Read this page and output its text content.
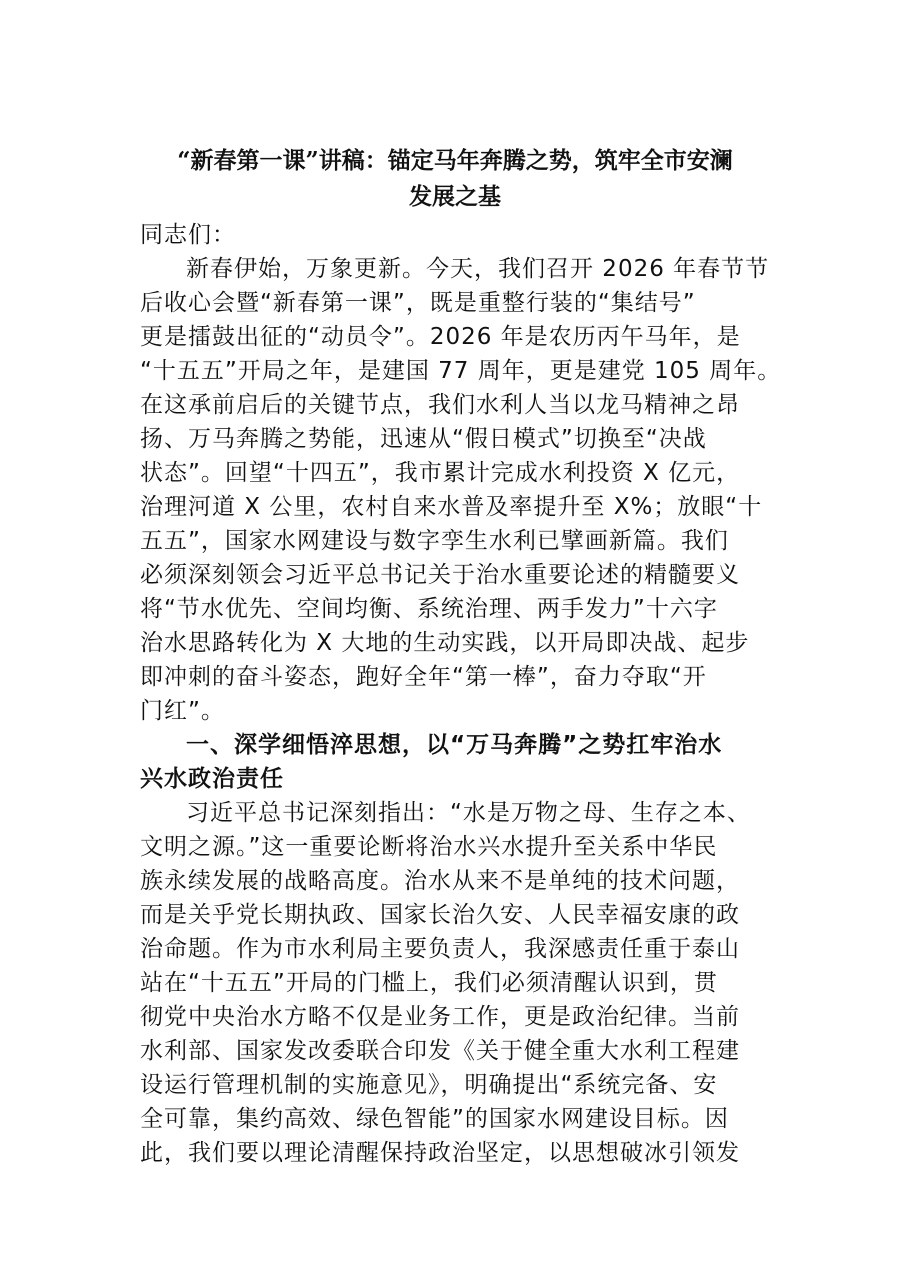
“新春第一课”讲稿：锚定马年奔腾之势，筑牢全市安澜
发展之基

同志们：

新春伊始，万象更新。今天，我们召开 2026 年春节节

后收心会暨“新春第一课”，既是重整行装的“集结号”

更是擂鼓出征的“动员令”。2026 年是农历丙午马年，是

“十五五”开局之年，是建国 77 周年，更是建党 105 周年。

在这承前启后的关键节点，我们水利人当以龙马精神之昂

扬、万马奔腾之势能，迅速从“假日模式”切换至“决战

状态”。回望“十四五”，我市累计完成水利投资 X 亿元，

治理河道 X 公里，农村自来水普及率提升至 X%；放眼“十

五五”，国家水网建设与数字孪生水利已擘画新篇。我们

必须深刻领会习近平总书记关于治水重要论述的精髓要义

将“节水优先、空间均衡、系统治理、两手发力”十六字

治水思路转化为 X 大地的生动实践，以开局即决战、起步

即冲刺的奋斗姿态，跑好全年“第一棒”，奋力夺取“开

门红”。

一、深学细悟淬思想，以“万马奔腾”之势扛牢治水

兴水政治责任

习近平总书记深刻指出：“水是万物之母、生存之本、

文明之源。”这一重要论断将治水兴水提升至关系中华民

族永续发展的战略高度。治水从来不是单纯的技术问题，

而是关乎党长期执政、国家长治久安、人民幸福安康的政

治命题。作为市水利局主要负责人，我深感责任重于泰山

站在“十五五”开局的门槛上，我们必须清醒认识到，贯

彻党中央治水方略不仅是业务工作，更是政治纪律。当前

水利部、国家发改委联合印发《关于健全重大水利工程建

设运行管理机制的实施意见》，明确提出“系统完备、安

全可靠，集约高效、绿色智能”的国家水网建设目标。因

此，我们要以理论清醒保持政治坚定，以思想破冰引领发
